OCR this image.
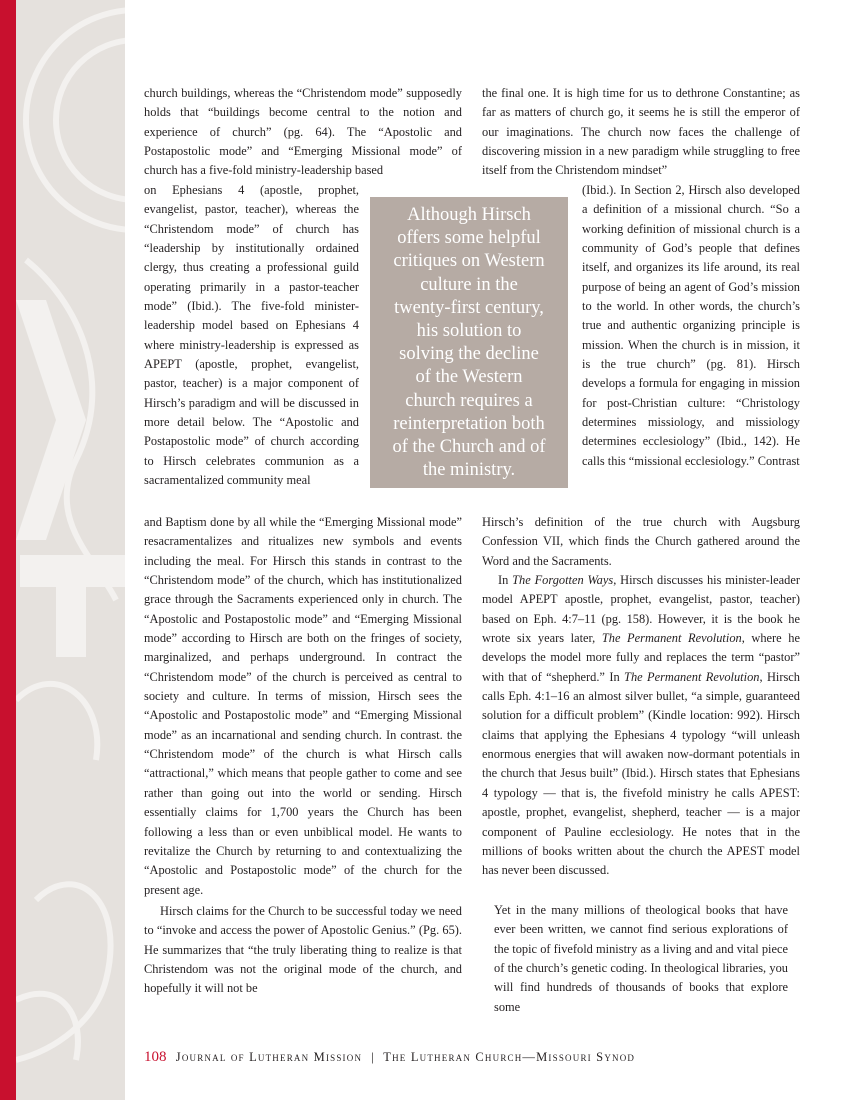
church buildings, whereas the “Christendom mode” supposedly holds that “buildings become central to the notion and experience of church” (pg. 64). The “Apostolic and Postapostolic mode” and “Emerging Missional mode” of church has a five-fold ministry-leadership based

on Ephesians 4 (apostle, prophet, evangelist, pastor, teacher), whereas the “Christendom mode” of church has “leadership by institutionally ordained clergy, thus creating a professional guild operating primarily in a pastor-teacher mode” (Ibid.). The five-fold minister-leadership model based on Ephesians 4 where ministry-leadership is expressed as APEPT (apostle, prophet, evangelist, pastor, teacher) is a major component of Hirsch’s paradigm and will be discussed in more detail below. The “Apostolic and Postapostolic mode” of church according to Hirsch celebrates communion as a sacramentalized community meal

and Baptism done by all while the “Emerging Missional mode” resacramentalizes and ritualizes new symbols and events including the meal. For Hirsch this stands in contrast to the “Christendom mode” of the church, which has institutionalized grace through the Sacraments experienced only in church. The “Apostolic and Postapostolic mode” and “Emerging Missional mode” according to Hirsch are both on the fringes of society, marginalized, and perhaps underground. In contract the “Christendom mode” of the church is perceived as central to society and culture. In terms of mission, Hirsch sees the “Apostolic and Postapostolic mode” and “Emerging Missional mode” as an incarnational and sending church. In contrast. the “Christendom mode” of the church is what Hirsch calls “attractional,” which means that people gather to come and see rather than going out into the world or sending. Hirsch essentially claims for 1,700 years the Church has been following a less than or even unbiblical model. He wants to revitalize the Church by returning to and contextualizing the “Apostolic and Postapostolic mode” of the church for the present age.

Hirsch claims for the Church to be successful today we need to “invoke and access the power of Apostolic Genius.” (Pg. 65). He summarizes that “the truly liberating thing to realize is that Christendom was not the original mode of the church, and hopefully it will not be

Although Hirsch
offers some helpful
critiques on Western
culture in the
twenty-first century,
his solution to
solving the decline
of the Western
church requires a
reinterpretation both
of the Church and of
the ministry.

the final one. It is high time for us to dethrone Constantine; as far as matters of church go, it seems he is still the emperor of our imaginations. The church now faces the challenge of discovering mission in a new paradigm while struggling to free itself from the Christendom mindset”

(Ibid.). In Section 2, Hirsch also developed a definition of a missional church. “So a working definition of missional church is a community of God’s people that defines itself, and organizes its life around, its real purpose of being an agent of God’s mission to the world. In other words, the church’s true and authentic organizing principle is mission. When the church is in mission, it is the true church” (pg. 81). Hirsch develops a formula for engaging in mission for post-Christian culture: “Christology determines missiology, and missiology determines ecclesiology” (Ibid., 142). He calls this “missional ecclesiology.” Contrast

Hirsch’s definition of the true church with Augsburg Confession VII, which finds the Church gathered around the Word and the Sacraments.

In The Forgotten Ways, Hirsch discusses his minister-leader model APEPT apostle, prophet, evangelist, pastor, teacher) based on Eph. 4:7–11 (pg. 158). However, it is the book he wrote six years later, The Permanent Revolution, where he develops the model more fully and replaces the term “pastor” with that of “shepherd.” In The Permanent Revolution, Hirsch calls Eph. 4:1–16 an almost silver bullet, “a simple, guaranteed solution for a difficult problem” (Kindle location: 992). Hirsch claims that applying the Ephesians 4 typology “will unleash enormous energies that will awaken now-dormant potentials in the church that Jesus built” (Ibid.). Hirsch states that Ephesians 4 typology — that is, the fivefold ministry he calls APEST: apostle, prophet, evangelist, shepherd, teacher — is a major component of Pauline ecclesiology. He notes that in the millions of books written about the church the APEST model has never been discussed.

Yet in the many millions of theological books that have ever been written, we cannot find serious explorations of the topic of fivefold ministry as a living and and vital piece of the church’s genetic coding. In theological libraries, you will find hundreds of thousands of books that explore some

108 Journal of Lutheran Mission | The Lutheran Church—Missouri Synod
